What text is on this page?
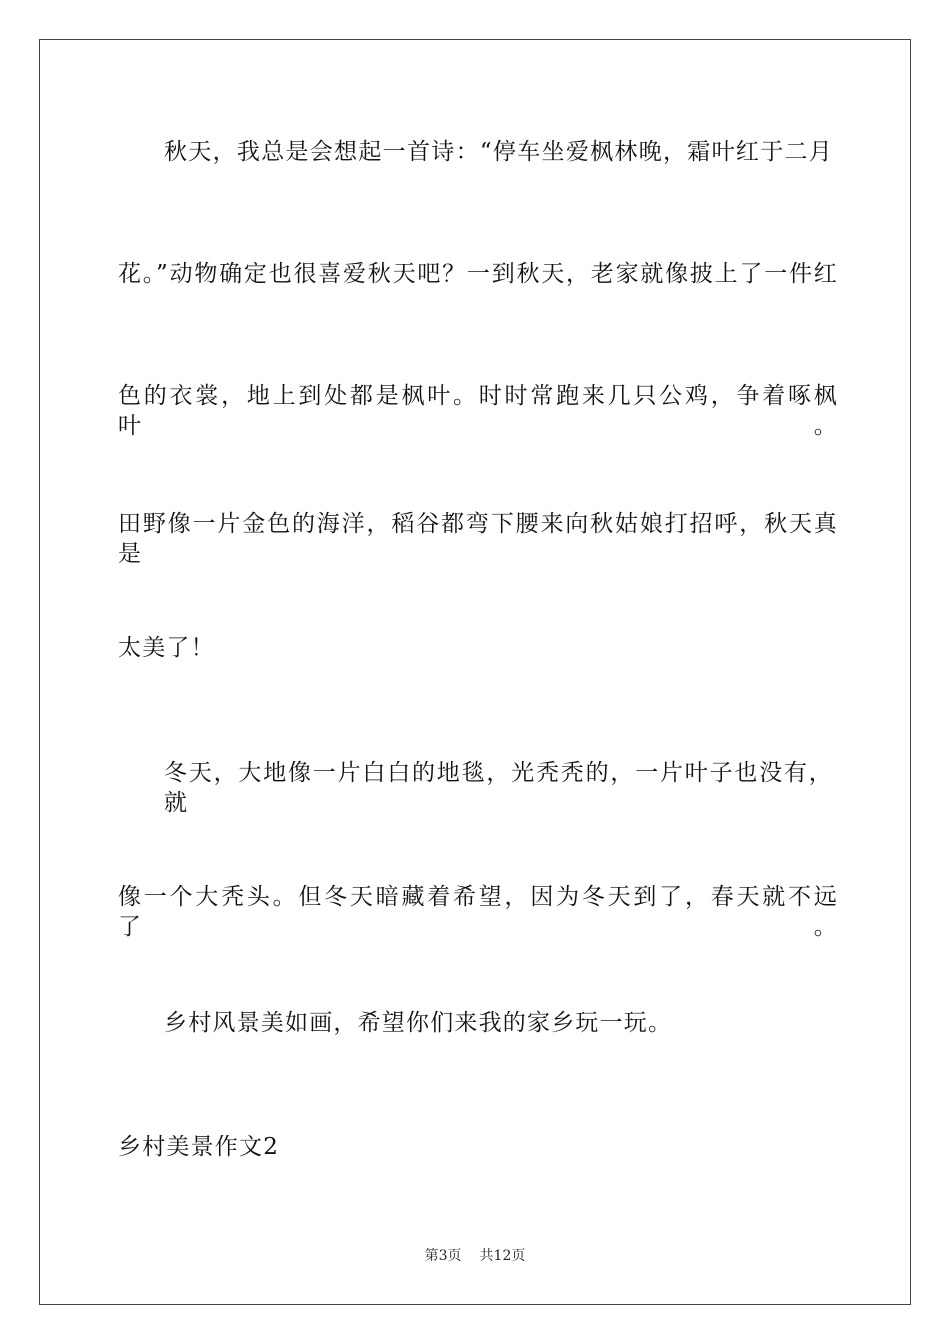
秋天，我总是会想起一首诗：“停车坐爱枫林晚，霜叶红于二月
花。”动物确定也很喜爱秋天吧？一到秋天，老家就像披上了一件红
色的衣裳，地上到处都是枫叶。时时常跑来几只公鸡，争着啄枫叶。
田野像一片金色的海洋，稻谷都弯下腰来向秋姑娘打招呼，秋天真是
太美了！
冬天，大地像一片白白的地毯，光秃秃的，一片叶子也没有，就
像一个大秃头。但冬天暗藏着希望，因为冬天到了，春天就不远了。
乡村风景美如画，希望你们来我的家乡玩一玩。
乡村美景作文2
第3页 共12页
